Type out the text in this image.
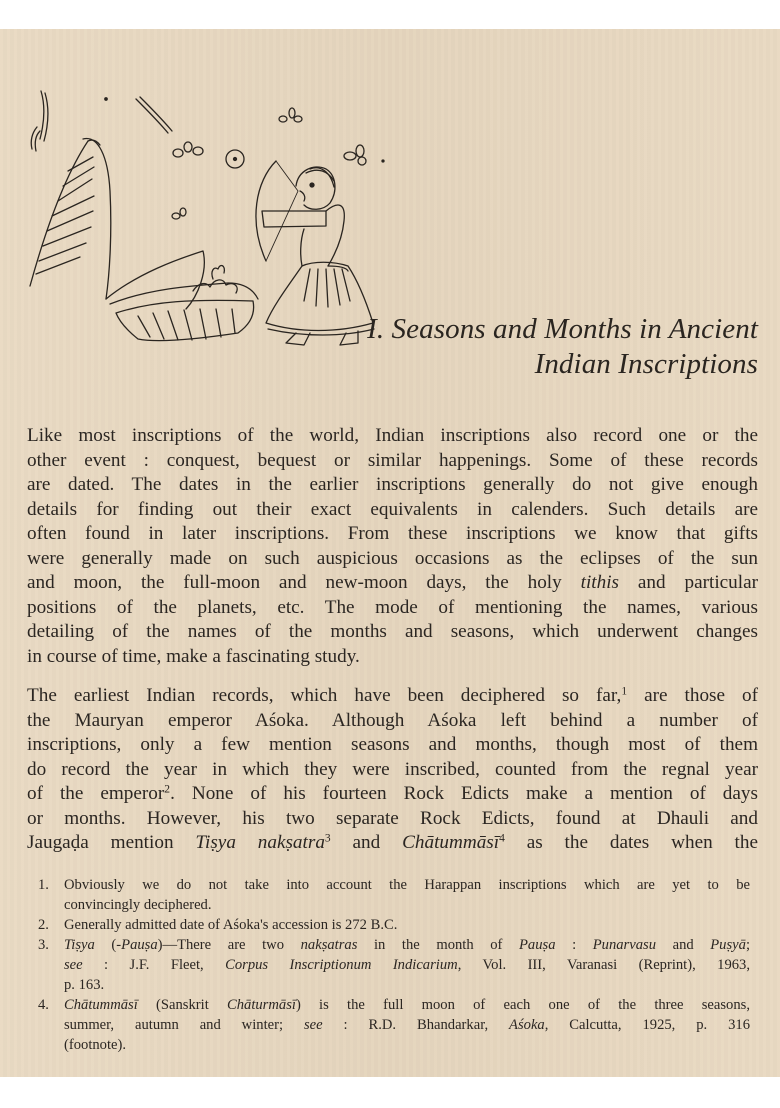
I. Seasons and Months in Ancient
Indian Inscriptions
Like most inscriptions of the world, Indian inscriptions also record one or the
other event : conquest, bequest or similar happenings. Some of these records
are dated. The dates in the earlier inscriptions generally do not give enough
details for finding out their exact equivalents in calenders. Such details are
often found in later inscriptions. From these inscriptions we know that gifts
were generally made on such auspicious occasions as the eclipses of the sun
and moon, the full-moon and new-moon days, the holy tithis and particular
positions of the planets, etc. The mode of mentioning the names, various
detailing of the names of the months and seasons, which underwent changes
in course of time, make a fascinating study.
The earliest Indian records, which have been deciphered so far,$^1$ are those of
the Mauryan emperor Aśoka. Although Aśoka left behind a number of
inscriptions, only a few mention seasons and months, though most of them
do record the year in which they were inscribed, counted from the regnal year
of the emperor$^2$. None of his fourteen Rock Edicts make a mention of days
or months. However, his two separate Rock Edicts, found at Dhauli and
Jaugaḍa mention Tiṣya nakṣatra$^3$ and Chātummāsī$^4$ as the dates when the
1. Obviously we do not take into account the Harappan inscriptions which are yet to be
convincingly deciphered.
2. Generally admitted date of Aśoka's accession is 272 B.C.
3. Tiṣya (-Pauṣa)—There are two nakṣatras in the month of Pauṣa : Punarvasu and Puṣyā;
see : J.F. Fleet, Corpus Inscriptionum Indicarium, Vol. III, Varanasi (Reprint), 1963,
p. 163.
4. Chātummāsī (Sanskrit Chāturmāsī) is the full moon of each one of the three seasons,
summer, autumn and winter; see : R.D. Bhandarkar, Aśoka, Calcutta, 1925, p. 316
(footnote).
